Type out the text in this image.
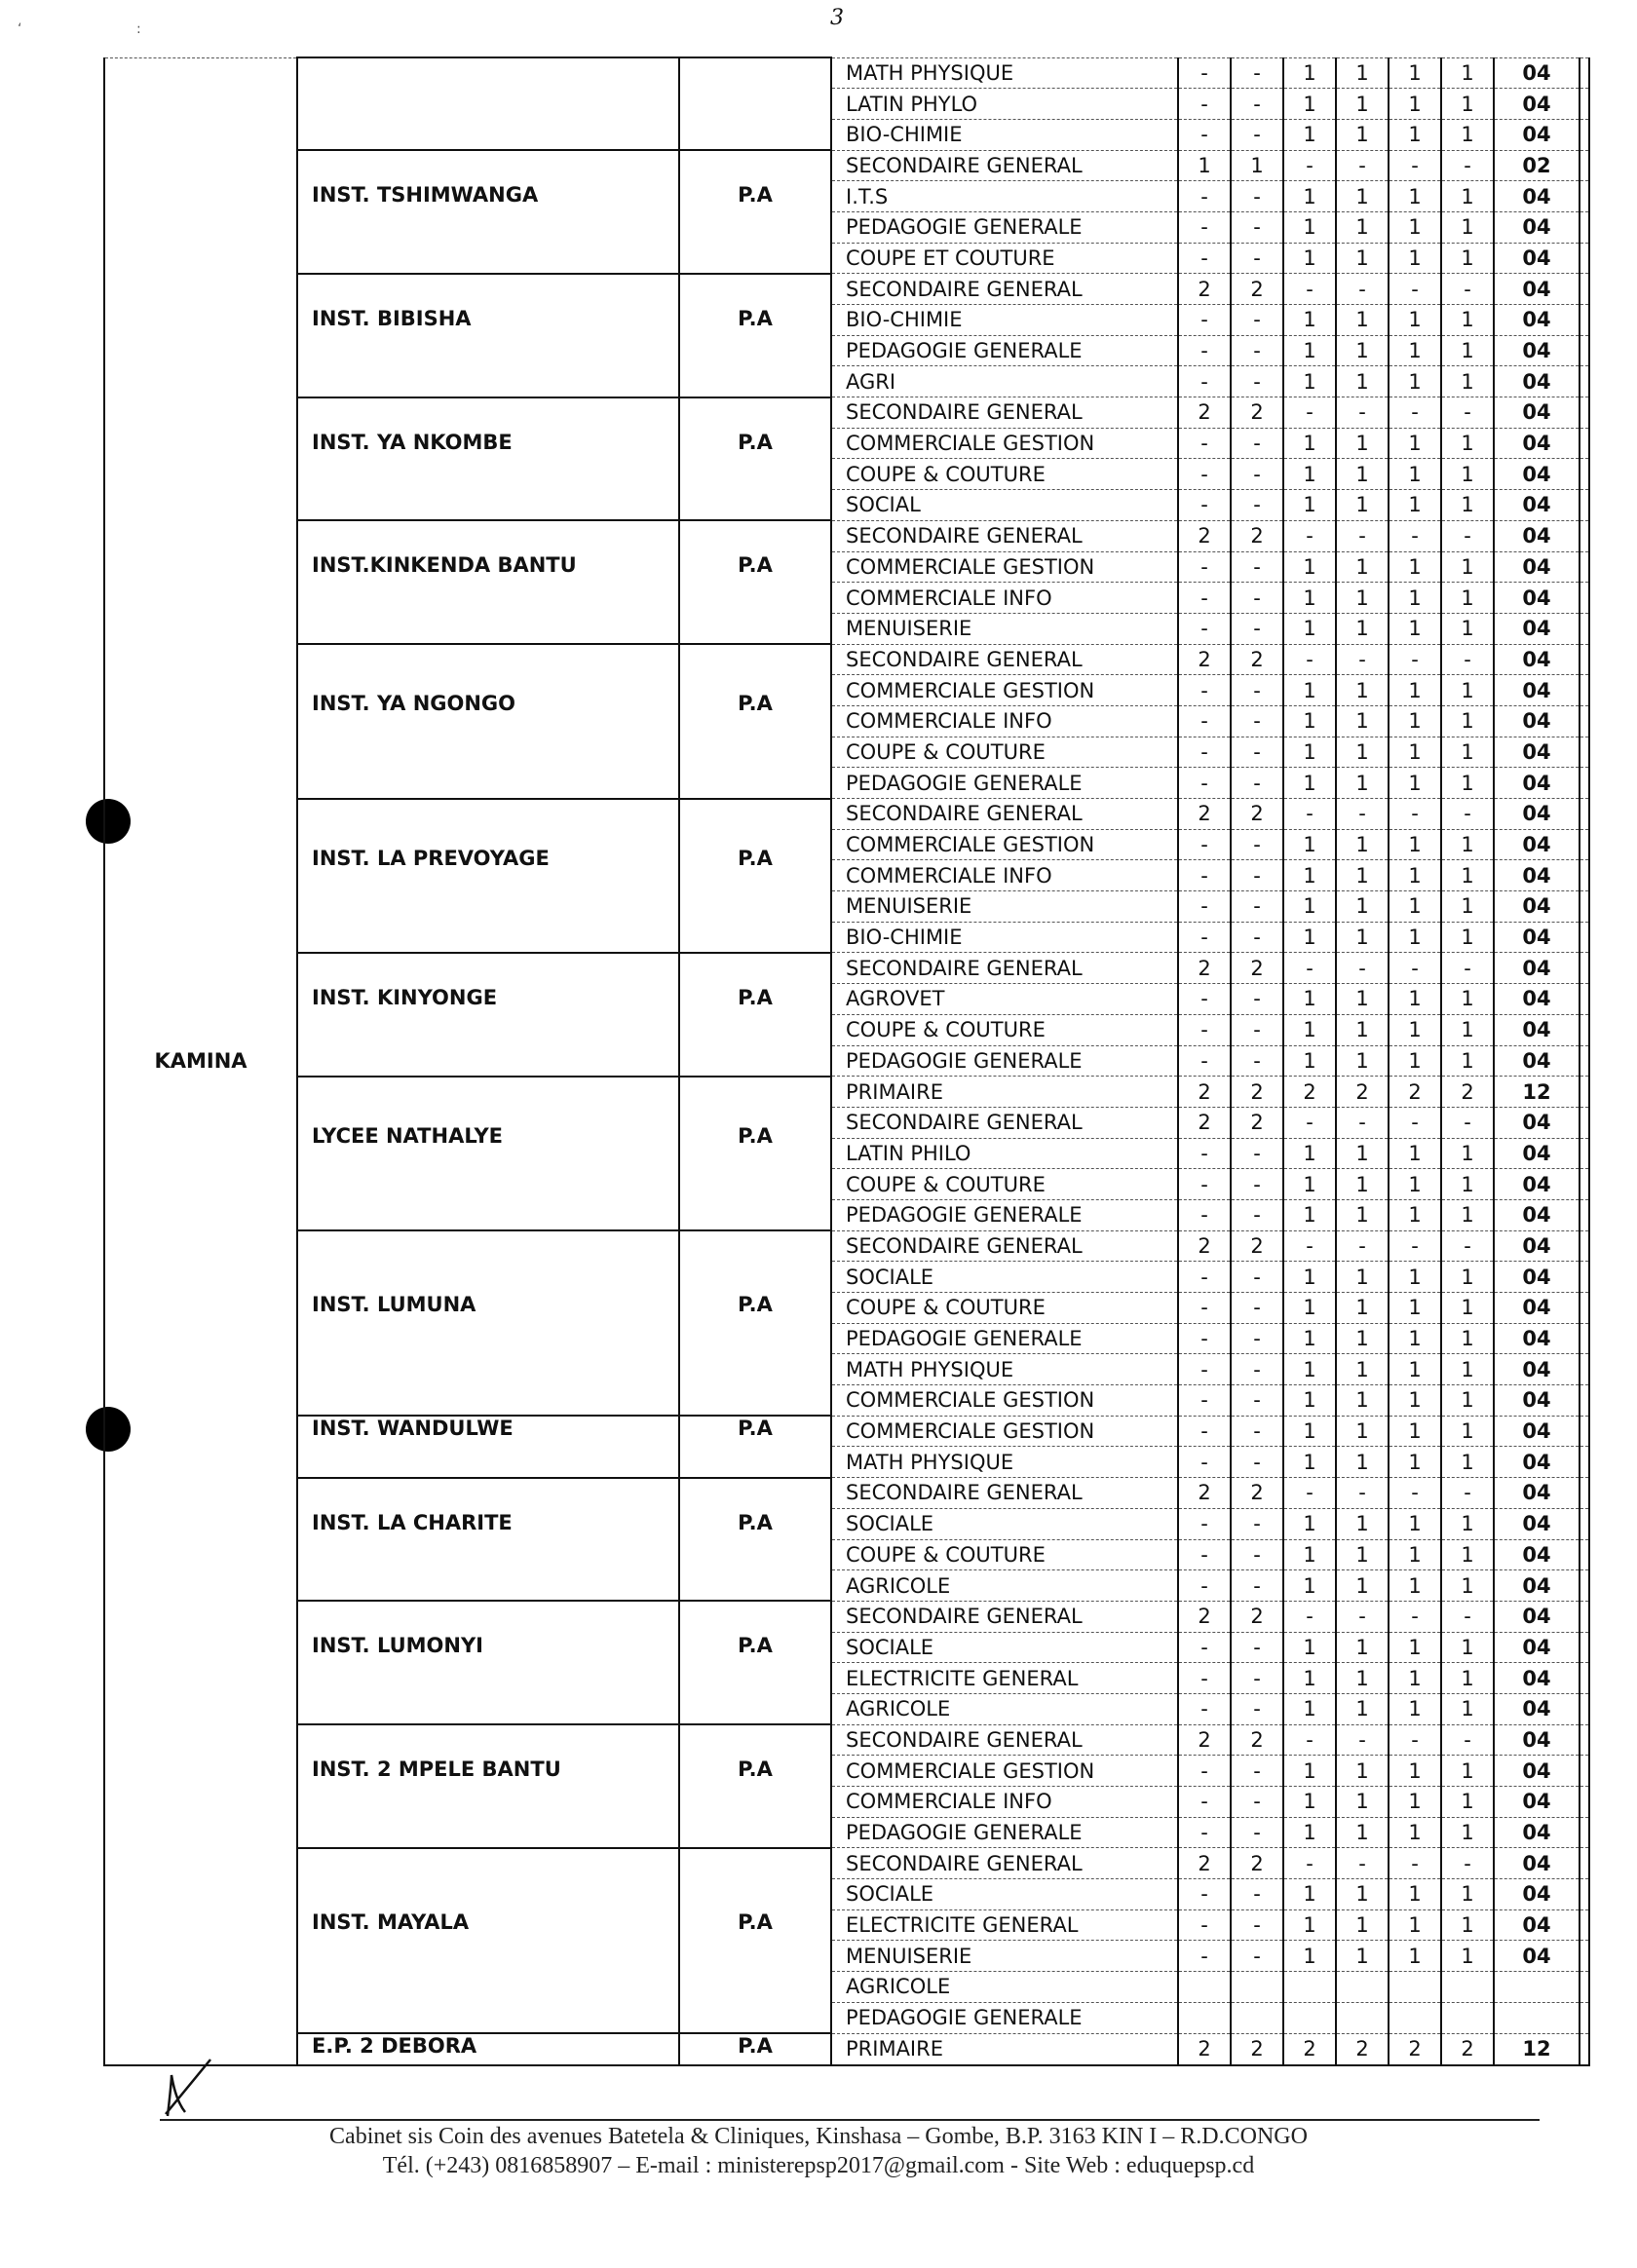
‘	:	3
KAMINA			MATH PHYSIQUE	-	-	1	1	1	1	04	
			LATIN PHYLO	-	-	1	1	1	1	04	
			BIO-CHIMIE	-	-	1	1	1	1	04	

	INST. TSHIMWANGA	P.A	SECONDAIRE GENERAL	1	1	-	-	-	-	02	
			I.T.S	-	-	1	1	1	1	04	
			PEDAGOGIE GENERALE	-	-	1	1	1	1	04	
			COUPE ET COUTURE	-	-	1	1	1	1	04	

	INST. BIBISHA	P.A	SECONDAIRE GENERAL	2	2	-	-	-	-	04	
			BIO-CHIMIE	-	-	1	1	1	1	04	
			PEDAGOGIE GENERALE	-	-	1	1	1	1	04	
			AGRI	-	-	1	1	1	1	04	

	INST. YA NKOMBE	P.A	SECONDAIRE GENERAL	2	2	-	-	-	-	04	
			COMMERCIALE GESTION	-	-	1	1	1	1	04	
			COUPE & COUTURE	-	-	1	1	1	1	04	
			SOCIAL	-	-	1	1	1	1	04	

	INST.KINKENDA BANTU	P.A	SECONDAIRE GENERAL	2	2	-	-	-	-	04	
			COMMERCIALE GESTION	-	-	1	1	1	1	04	
			COMMERCIALE INFO	-	-	1	1	1	1	04	
			MENUISERIE	-	-	1	1	1	1	04	

	INST. YA NGONGO	P.A	SECONDAIRE GENERAL	2	2	-	-	-	-	04	
			COMMERCIALE GESTION	-	-	1	1	1	1	04	
			COMMERCIALE INFO	-	-	1	1	1	1	04	
			COUPE & COUTURE	-	-	1	1	1	1	04	
			PEDAGOGIE GENERALE	-	-	1	1	1	1	04	

	INST. LA PREVOYAGE	P.A	SECONDAIRE GENERAL	2	2	-	-	-	-	04	
			COMMERCIALE GESTION	-	-	1	1	1	1	04	
			COMMERCIALE INFO	-	-	1	1	1	1	04	
			MENUISERIE	-	-	1	1	1	1	04	
			BIO-CHIMIE	-	-	1	1	1	1	04	

	INST. KINYONGE	P.A	SECONDAIRE GENERAL	2	2	-	-	-	-	04	
			AGROVET	-	-	1	1	1	1	04	
			COUPE & COUTURE	-	-	1	1	1	1	04	
			PEDAGOGIE GENERALE	-	-	1	1	1	1	04	

	LYCEE NATHALYE	P.A	PRIMAIRE	2	2	2	2	2	2	12	
			SECONDAIRE GENERAL	2	2	-	-	-	-	04	
			LATIN PHILO	-	-	1	1	1	1	04	
			COUPE & COUTURE	-	-	1	1	1	1	04	
			PEDAGOGIE GENERALE	-	-	1	1	1	1	04	

	INST. LUMUNA	P.A	SECONDAIRE GENERAL	2	2	-	-	-	-	04	
			SOCIALE	-	-	1	1	1	1	04	
			COUPE & COUTURE	-	-	1	1	1	1	04	
			PEDAGOGIE GENERALE	-	-	1	1	1	1	04	
			MATH PHYSIQUE	-	-	1	1	1	1	04	
			COMMERCIALE GESTION	-	-	1	1	1	1	04	

	INST. WANDULWE	P.A	COMMERCIALE GESTION	-	-	1	1	1	1	04	
			MATH PHYSIQUE	-	-	1	1	1	1	04	

	INST. LA CHARITE	P.A	SECONDAIRE GENERAL	2	2	-	-	-	-	04	
			SOCIALE	-	-	1	1	1	1	04	
			COUPE & COUTURE	-	-	1	1	1	1	04	
			AGRICOLE	-	-	1	1	1	1	04	

	INST. LUMONYI	P.A	SECONDAIRE GENERAL	2	2	-	-	-	-	04	
			SOCIALE	-	-	1	1	1	1	04	
			ELECTRICITE GENERAL	-	-	1	1	1	1	04	
			AGRICOLE	-	-	1	1	1	1	04	

	INST. 2 MPELE BANTU	P.A	SECONDAIRE GENERAL	2	2	-	-	-	-	04	
			COMMERCIALE GESTION	-	-	1	1	1	1	04	
			COMMERCIALE INFO	-	-	1	1	1	1	04	
			PEDAGOGIE GENERALE	-	-	1	1	1	1	04	

	INST. MAYALA	P.A	SECONDAIRE GENERAL	2	2	-	-	-	-	04	
			SOCIALE	-	-	1	1	1	1	04	
			ELECTRICITE GENERAL	-	-	1	1	1	1	04	
			MENUISERIE	-	-	1	1	1	1	04	
			AGRICOLE								
			PEDAGOGIE GENERALE								

	E.P. 2 DEBORA	P.A	PRIMAIRE	2	2	2	2	2	2	12	
Cabinet sis Coin des avenues Batetela & Cliniques, Kinshasa – Gombe, B.P. 3163 KIN I – R.D.CONGO
Tél. (+243) 0816858907 – E-mail : ministerepsp2017@gmail.com - Site Web : eduquepsp.cd
